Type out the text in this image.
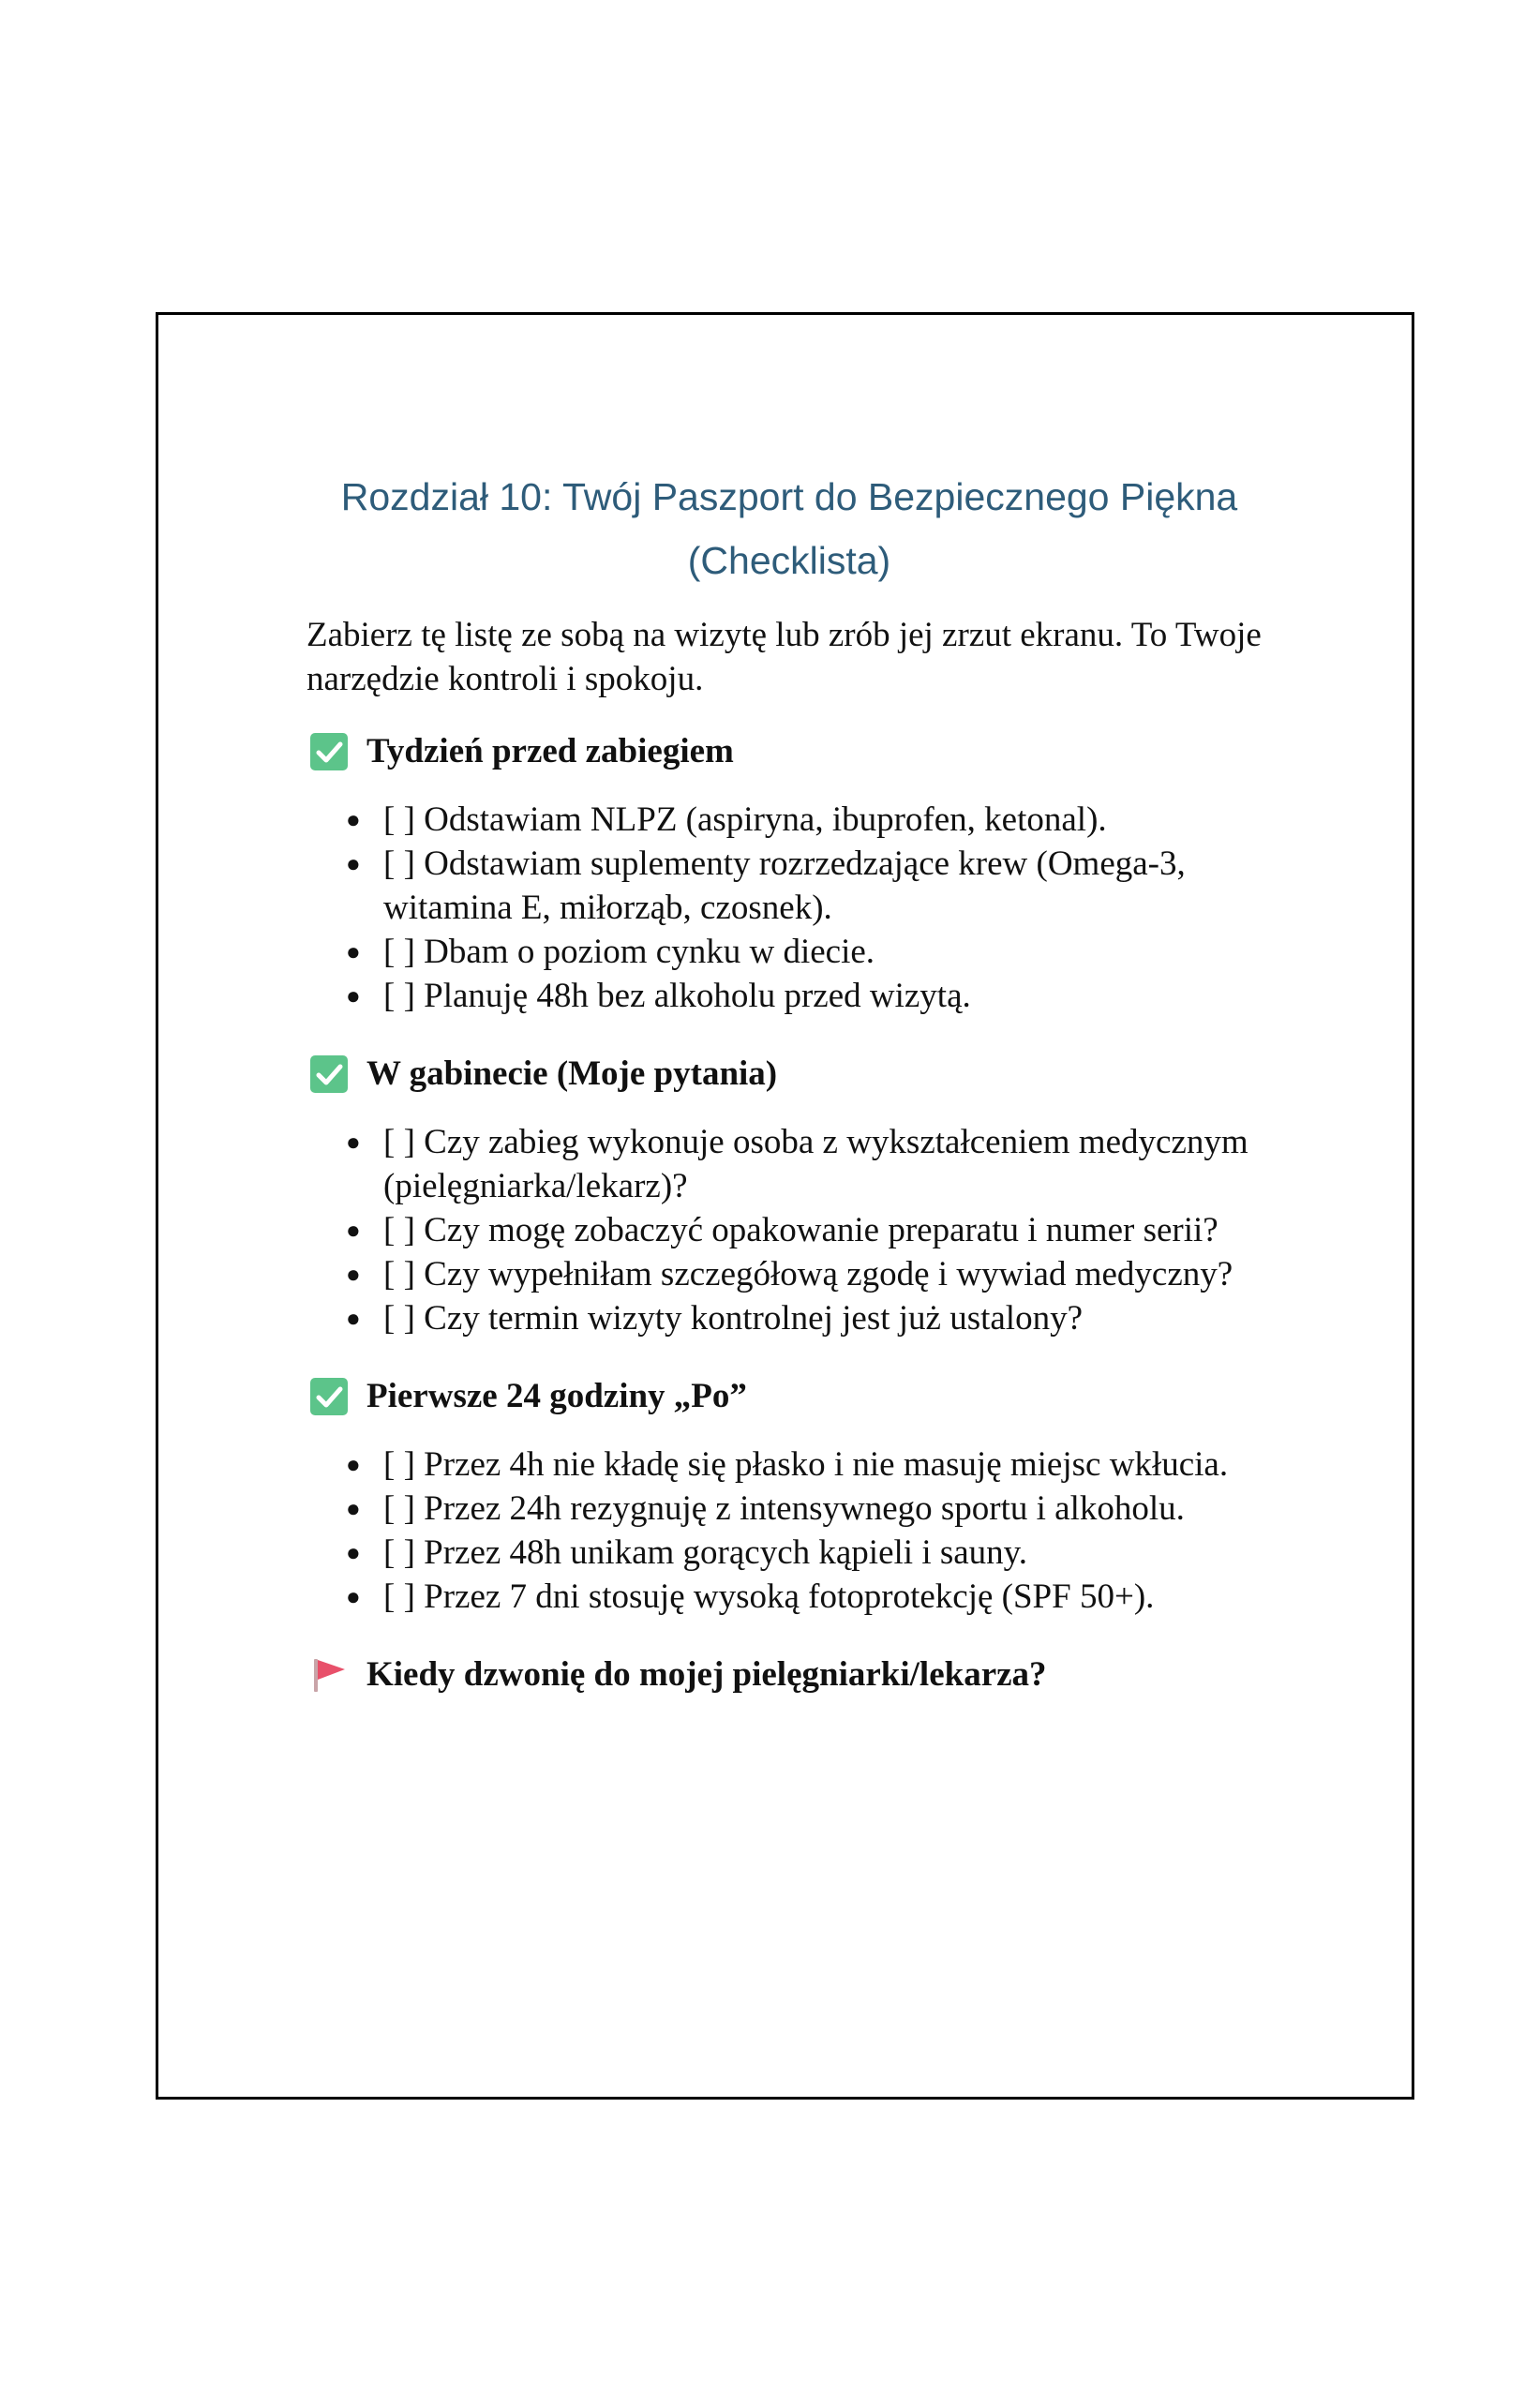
Rozdział 10: Twój Paszport do Bezpiecznego Piękna (Checklista)

Zabierz tę listę ze sobą na wizytę lub zrób jej zrzut ekranu. To Twoje narzędzie kontroli i spokoju.

Tydzień przed zabiegiem
● [ ] Odstawiam NLPZ (aspiryna, ibuprofen, ketonal).
● [ ] Odstawiam suplementy rozrzedzające krew (Omega-3, witamina E, miłorząb, czosnek).
● [ ] Dbam o poziom cynku w diecie.
● [ ] Planuję 48h bez alkoholu przed wizytą.
W gabinecie (Moje pytania)
● [ ] Czy zabieg wykonuje osoba z wykształceniem medycznym (pielęgniarka/lekarz)?
● [ ] Czy mogę zobaczyć opakowanie preparatu i numer serii?
● [ ] Czy wypełniłam szczegółową zgodę i wywiad medyczny?
● [ ] Czy termin wizyty kontrolnej jest już ustalony?
Pierwsze 24 godziny „Po”
● [ ] Przez 4h nie kładę się płasko i nie masuję miejsc wkłucia.
● [ ] Przez 24h rezygnuję z intensywnego sportu i alkoholu.
● [ ] Przez 48h unikam gorących kąpieli i sauny.
● [ ] Przez 7 dni stosuję wysoką fotoprotekcję (SPF 50+).
Kiedy dzwonię do mojej pielęgniarki/lekarza?
